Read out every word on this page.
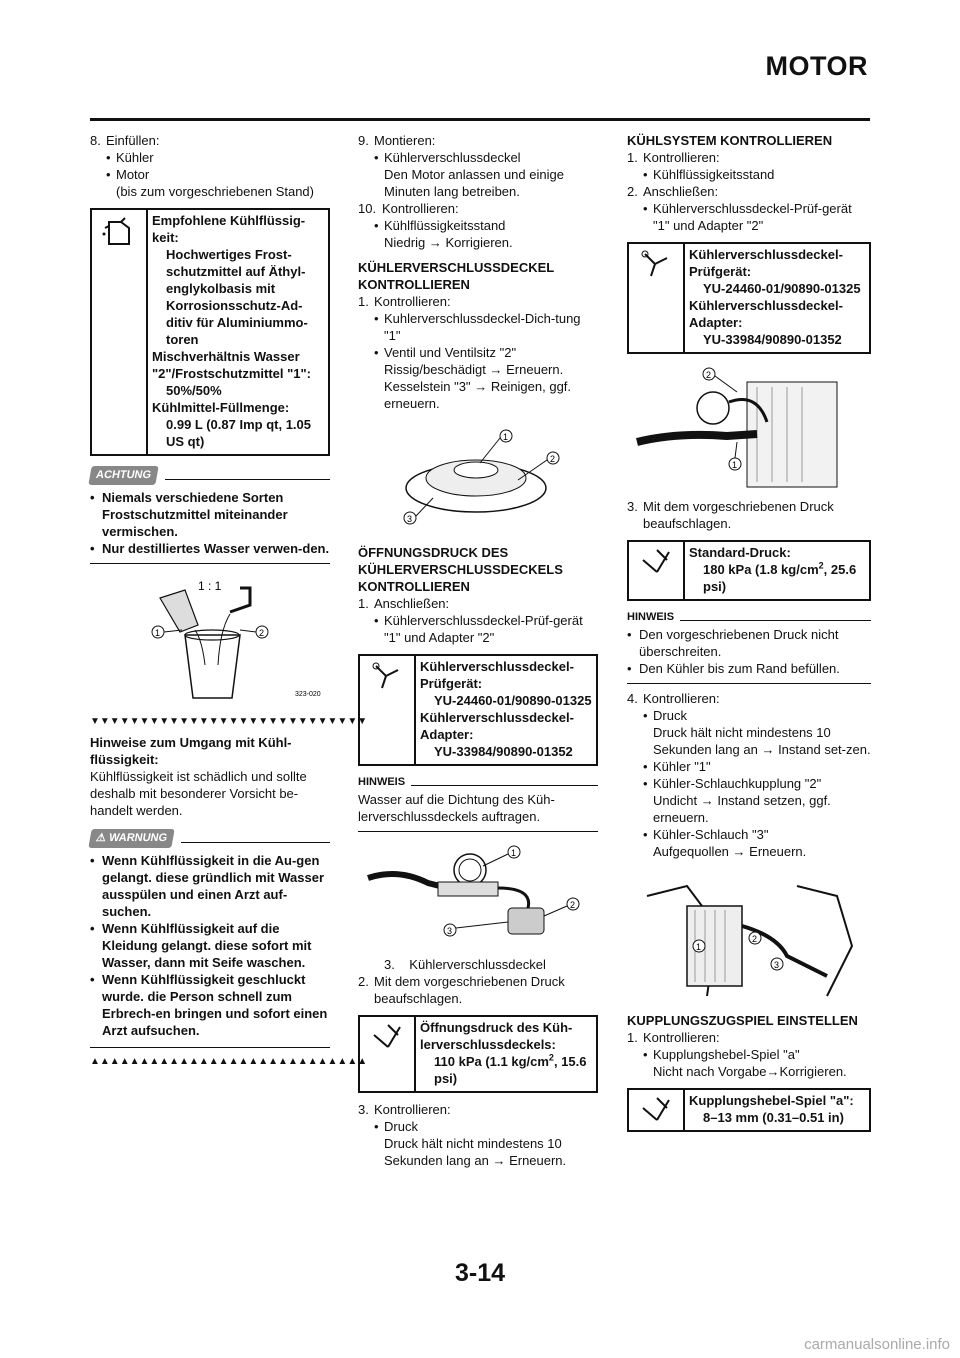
MOTOR
8. Einfüllen:
• Kühler
• Motor
(bis zum vorgeschriebenen Stand)
Empfohlene Kühlflüssig-keit:
Hochwertiges Frost-schutzmittel auf Äthyl-englykolbasis mit Korrosionsschutz-Ad-ditiv für Aluminiummo-toren
Mischverhältnis Wasser "2"/Frostschutzmittel "1":
50%/50%
Kühlmittel-Füllmenge:
0.99 L (0.87 Imp qt, 1.05 US qt)
ACHTUNG
• Niemals verschiedene Sorten Frostschutzmittel miteinander vermischen.
• Nur destilliertes Wasser verwen-den.
1 : 1
1	2
323-020
▼▼▼▼▼▼▼▼▼▼▼▼▼▼▼▼▼▼▼▼▼▼▼▼▼▼▼▼
Hinweise zum Umgang mit Kühl-flüssigkeit:
Kühlflüssigkeit ist schädlich und sollte deshalb mit besonderer Vorsicht be-handelt werden.
⚠ WARNUNG
• Wenn Kühlflüssigkeit in die Au-gen gelangt. diese gründlich mit Wasser ausspülen und einen Arzt auf-suchen.
• Wenn Kühlflüssigkeit auf die Kleidung gelangt. diese sofort mit Wasser, dann mit Seife waschen.
• Wenn Kühlflüssigkeit geschluckt wurde. die Person schnell zum Erbrech-en bringen und sofort einen Arzt aufsuchen.
▲▲▲▲▲▲▲▲▲▲▲▲▲▲▲▲▲▲▲▲▲▲▲▲▲▲▲▲
9. Montieren:
• Kühlerverschlussdeckel
Den Motor anlassen und einige Minuten lang betreiben.
10. Kontrollieren:
• Kühlflüssigkeitsstand
Niedrig → Korrigieren.
KÜHLERVERSCHLUSSDECKEL KONTROLLIEREN
1. Kontrollieren:
• Kuhlerverschlussdeckel-Dich-tung "1"
• Ventil und Ventilsitz "2"
Rissig/beschädigt → Erneuern. Kesselstein "3" → Reinigen, ggf. erneuern.
1
2
3
ÖFFNUNGSDRUCK DES KÜHLERVERSCHLUSSDECKELS KONTROLLIEREN
1. Anschließen:
• Kühlerverschlussdeckel-Prüf-gerät "1" und Adapter "2"
Kühlerverschlussdeckel-Prüfgerät:
YU-24460-01/90890-01325
Kühlerverschlussdeckel-Adapter:
YU-33984/90890-01352
HINWEIS
Wasser auf die Dichtung des Küh-lerverschlussdeckels auftragen.
1
2
3
3. Kühlerverschlussdeckel
2. Mit dem vorgeschriebenen Druck beaufschlagen.
Öffnungsdruck des Küh-lerverschlussdeckels:
110 kPa (1.1 $kg/cm^2$, 15.6 psi)
3. Kontrollieren:
• Druck
Druck hält nicht mindestens 10 Sekunden lang an → Erneuern.
KÜHLSYSTEM KONTROLLIEREN
1. Kontrollieren:
• Kühlflüssigkeitsstand
2. Anschließen:
• Kühlerverschlussdeckel-Prüf-gerät "1" und Adapter "2"
Kühlerverschlussdeckel-Prüfgerät:
YU-24460-01/90890-01325
Kühlerverschlussdeckel-Adapter:
YU-33984/90890-01352
2
1
3. Mit dem vorgeschriebenen Druck beaufschlagen.
Standard-Druck:
180 kPa (1.8 $kg/cm^2$, 25.6 psi)
HINWEIS
• Den vorgeschriebenen Druck nicht überschreiten.
• Den Kühler bis zum Rand befüllen.
4. Kontrollieren:
• Druck
Druck hält nicht mindestens 10 Sekunden lang an → Instand set-zen.
• Kühler "1"
• Kühler-Schlauchkupplung "2"
Undicht → Instand setzen, ggf. erneuern.
• Kühler-Schlauch "3"
Aufgequollen → Erneuern.
1
2
3
KUPPLUNGSZUGSPIEL EINSTELLEN
1. Kontrollieren:
• Kupplungshebel-Spiel "a"
Nicht nach Vorgabe→Korrigieren.
Kupplungshebel-Spiel "a":
8–13 mm (0.31–0.51 in)
3-14
carmanualsonline.info
